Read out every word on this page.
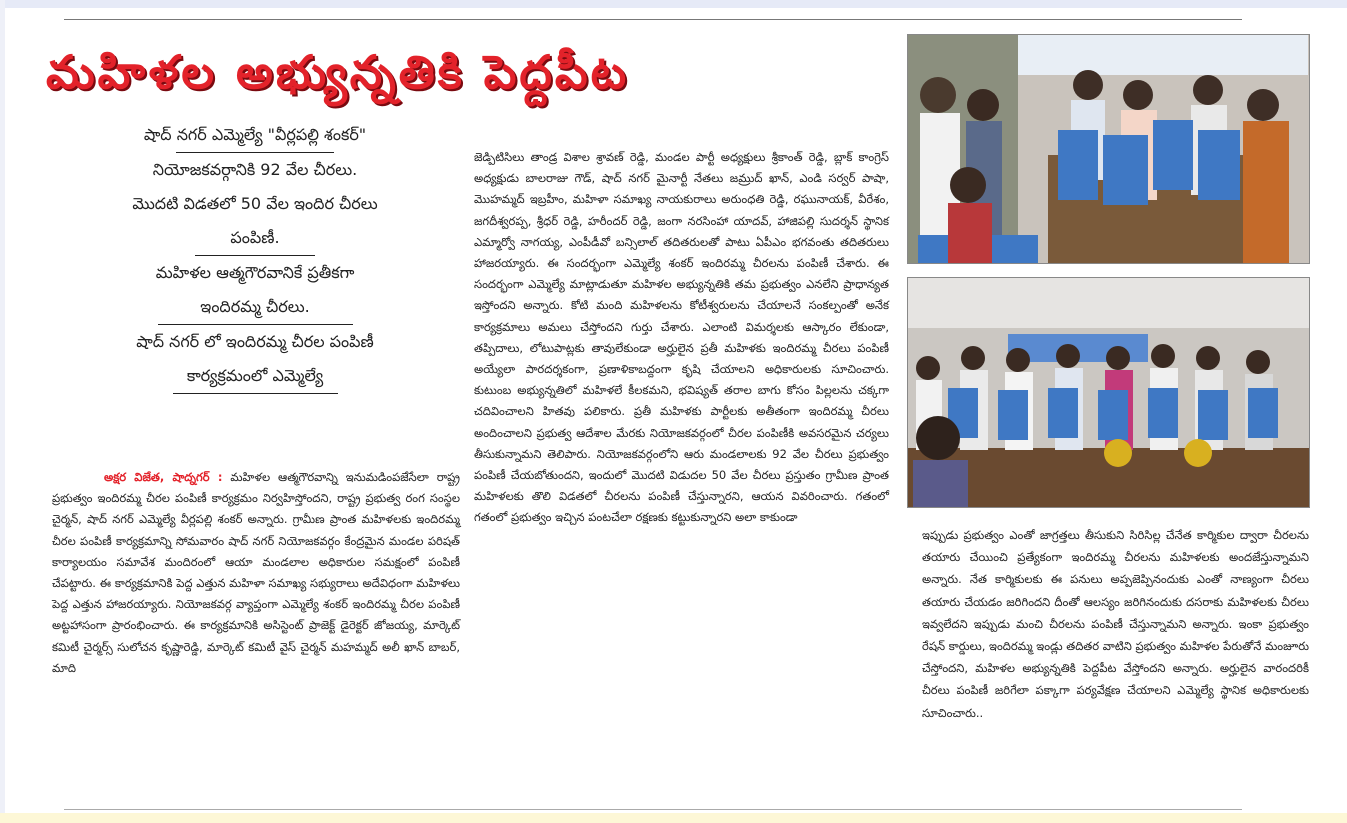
మహిళల అభ్యున్నతికి పెద్దపీట
షాద్ నగర్ ఎమ్మెల్యే "వీర్లపల్లి శంకర్"
నియోజకవర్గానికి 92 వేల చీరలు.
మొదటి విడతలో 50 వేల ఇందిర చీరలు
పంపిణీ.
మహిళల ఆత్మగౌరవానికే ప్రతీకగా
ఇందిరమ్మ చీరలు.
షాద్ నగర్ లో ఇందిరమ్మ చీరల పంపిణీ
కార్యక్రమంలో ఎమ్మెల్యే

అక్షర విజేత, షాద్నగర్ : మహిళల ఆత్మగౌరవాన్ని ఇనుమడింపజేసేలా రాష్ట్ర ప్రభుత్వం ఇందిరమ్మ చీరల పంపిణీ కార్యక్రమం నిర్వహిస్తోందని, రాష్ట్ర ప్రభుత్వ రంగ సంస్థల చైర్మన్, షాద్ నగర్ ఎమ్మెల్యే వీర్లపల్లి శంకర్ అన్నారు. గ్రామీణ ప్రాంత మహిళలకు ఇందిరమ్మ చీరల పంపిణీ కార్యక్రమాన్ని సోమవారం షాద్ నగర్ నియోజకవర్గం కేంద్రమైన మండల పరిషత్ కార్యాలయం సమావేశ మందిరంలో ఆయా మండలాల అధికారుల సమక్షంలో పంపిణీ చేపట్టారు. ఈ కార్యక్రమానికి పెద్ద ఎత్తున మహిళా సమాఖ్య సభ్యురాలు అదేవిధంగా మహిళలు పెద్ద ఎత్తున హాజరయ్యారు. నియోజకవర్గ వ్యాప్తంగా ఎమ్మెల్యే శంకర్ ఇందిరమ్మ చీరల పంపిణీ అట్టహాసంగా ప్రారంభించారు. ఈ కార్యక్రమానికి అసిస్టెంట్ ప్రాజెక్ట్ డైరెక్టర్ జోజయ్య, మార్కెట్ కమిటీ చైర్మర్స్ సులోచన కృష్ణారెడ్డి, మార్కెట్ కమిటీ వైస్ చైర్మన్ మహమ్మద్ అలీ ఖాన్ బాబర్, మాది

జెడ్పిటిసిలు తాండ్ర విశాల శ్రావణ్ రెడ్డి, మండల పార్టీ అధ్యక్షులు శ్రీకాంత్ రెడ్డి, బ్లాక్ కాంగ్రెస్ అధ్యక్షుడు బాలరాజు గౌడ్, షాద్ నగర్ మైనార్టీ నేతలు జమ్రుద్ ఖాన్, ఎండి సర్వర్ పాషా, మొహమ్మద్ ఇబ్రహీం, మహిళా సమాఖ్య నాయకురాలు అరుంధతి రెడ్డి, రఘునాయక్, వీరేశం, జగదీశ్వరప్ప, శ్రీధర్ రెడ్డి, హరీందర్ రెడ్డి, జంగా నరసింహా యాదవ్, హాజిపల్లి సుదర్శన్ స్థానిక ఎమ్మార్వో నాగయ్య, ఎంపీడీవో బన్సిలాల్ తదితరులతో పాటు ఏపీఎం భగవంతు తదితరులు హాజరయ్యారు. ఈ సందర్భంగా ఎమ్మెల్యే శంకర్ ఇందిరమ్మ చీరలను పంపిణీ చేశారు. ఈ సందర్భంగా ఎమ్మెల్యే మాట్లాడుతూ మహిళల అభ్యున్నతికి తమ ప్రభుత్వం ఎనలేని ప్రాధాన్యత ఇస్తోందని అన్నారు. కోటి మంది మహిళలను కోటీశ్వరులను చేయాలనే సంకల్పంతో అనేక కార్యక్రమాలు అమలు చేస్తోందని గుర్తు చేశారు. ఎలాంటి విమర్శలకు ఆస్కారం లేకుండా, తప్పిదాలు, లోటుపాట్లకు తావులేకుండా అర్హులైన ప్రతీ మహిళకు ఇందిరమ్మ చీరలు పంపిణీ అయ్యేలా పారదర్శకంగా, ప్రణాళికాబద్దంగా కృషి చేయాలని అధికారులకు సూచించారు. కుటుంబ అభ్యున్నతిలో మహిళలే కీలకమని, భవిష్యత్ తరాల బాగు కోసం పిల్లలను చక్కగా చదివించాలని హితవు పలికారు. ప్రతీ మహిళకు పార్టీలకు అతీతంగా ఇందిరమ్మ చీరలు అందించాలని ప్రభుత్వ ఆదేశాల మేరకు నియోజకవర్గంలో చీరల పంపిణీకి అవసరమైన చర్యలు తీసుకున్నామని తెలిపారు. నియోజకవర్గంలోని ఆరు మండలాలకు 92 వేల చీరలు ప్రభుత్వం పంపిణీ చేయబోతుందని, ఇందులో మొదటి విడుదల 50 వేల చీరలు ప్రస్తుతం గ్రామీణ ప్రాంత మహిళలకు తొలి విడతలో చీరలను పంపిణీ చేస్తున్నారని, ఆయన వివరించారు. గతంలో గతంలో ప్రభుత్వం ఇచ్చిన పంటచేలా రక్షణకు కట్టుకున్నారని అలా కాకుండా

ఇప్పుడు ప్రభుత్వం ఎంతో జాగ్రత్తలు తీసుకుని సిరిసిల్ల చేనేత కార్మికుల ద్వారా చీరలను తయారు చేయించి ప్రత్యేకంగా ఇందిరమ్మ చీరలను మహిళలకు అందజేస్తున్నామని అన్నారు. నేత కార్మికులకు ఈ పనులు అప్పజెప్పినందుకు ఎంతో నాణ్యంగా చీరలు తయారు చేయడం జరిగిందని దీంతో ఆలస్యం జరిగినందుకు దసరాకు మహిళలకు చీరలు ఇవ్వలేదని ఇప్పుడు మంచి చీరలను పంపిణీ చేస్తున్నామని అన్నారు. ఇంకా ప్రభుత్వం రేషన్ కార్డులు, ఇందిరమ్మ ఇండ్లు తదితర వాటిని ప్రభుత్వం మహిళల పేరుతోనే మంజూరు చేస్తోందని, మహిళల అభ్యున్నతికి పెద్దపీట వేస్తోందని అన్నారు. అర్హులైన వారందరికీ చీరలు పంపిణీ జరిగేలా పక్కాగా పర్యవేక్షణ చేయాలని ఎమ్మెల్యే స్థానిక అధికారులకు సూచించారు..
